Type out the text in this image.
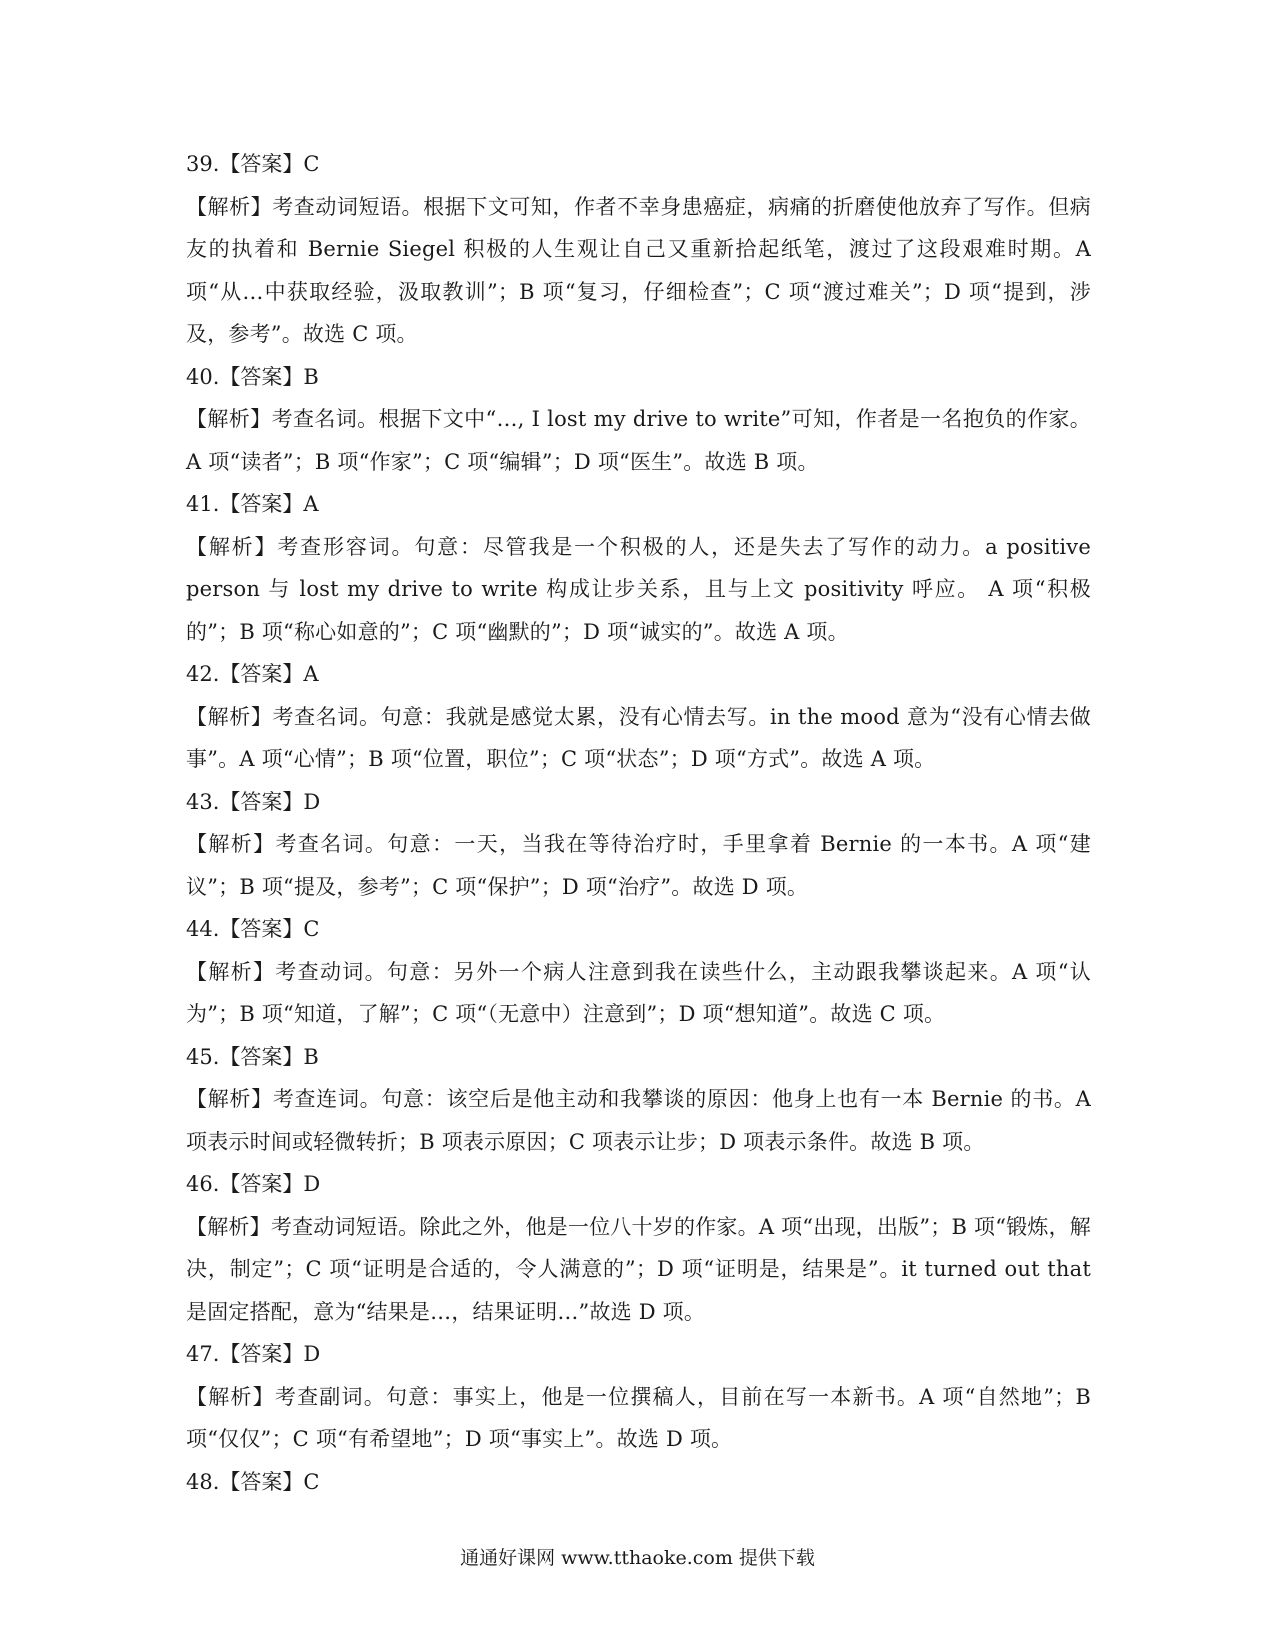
39.【答案】C

【解析】考查动词短语。根据下文可知，作者不幸身患癌症，病痛的折磨使他放弃了写作。但病友的执着和 Bernie Siegel 积极的人生观让自己又重新拾起纸笔，渡过了这段艰难时期。A 项“从…中获取经验，汲取教训”；B 项“复习，仔细检查”；C 项“渡过难关”；D 项“提到，涉及，参考”。故选 C 项。

40.【答案】B

【解析】考查名词。根据下文中“…, I lost my drive to write”可知，作者是一名抱负的作家。A 项“读者”；B 项“作家”；C 项“编辑”；D 项“医生”。故选 B 项。

41.【答案】A

【解析】考查形容词。句意：尽管我是一个积极的人，还是失去了写作的动力。a positive person 与 lost my drive to write 构成让步关系，且与上文 positivity 呼应。 A 项“积极的”；B 项“称心如意的”；C 项“幽默的”；D 项“诚实的”。故选 A 项。

42.【答案】A

【解析】考查名词。句意：我就是感觉太累，没有心情去写。in the mood 意为“没有心情去做事”。A 项“心情”；B 项“位置，职位”；C 项“状态”；D 项“方式”。故选 A 项。

43.【答案】D

【解析】考查名词。句意：一天，当我在等待治疗时，手里拿着 Bernie 的一本书。A 项“建议”；B 项“提及，参考”；C 项“保护”；D 项“治疗”。故选 D 项。

44.【答案】C

【解析】考查动词。句意：另外一个病人注意到我在读些什么，主动跟我攀谈起来。A 项“认为”；B 项“知道，了解”；C 项“（无意中）注意到”；D 项“想知道”。故选 C 项。

45.【答案】B

【解析】考查连词。句意：该空后是他主动和我攀谈的原因：他身上也有一本 Bernie 的书。A 项表示时间或轻微转折；B 项表示原因；C 项表示让步；D 项表示条件。故选 B 项。

46.【答案】D

【解析】考查动词短语。除此之外，他是一位八十岁的作家。A 项“出现，出版”；B 项“锻炼，解决，制定”；C 项“证明是合适的，令人满意的”；D 项“证明是，结果是”。it turned out that 是固定搭配，意为“结果是…，结果证明…”故选 D 项。

47.【答案】D

【解析】考查副词。句意：事实上，他是一位撰稿人，目前在写一本新书。A 项“自然地”；B 项“仅仅”；C 项“有希望地”；D 项“事实上”。故选 D 项。

48.【答案】C

通通好课网 www.tthaoke.com 提供下载
